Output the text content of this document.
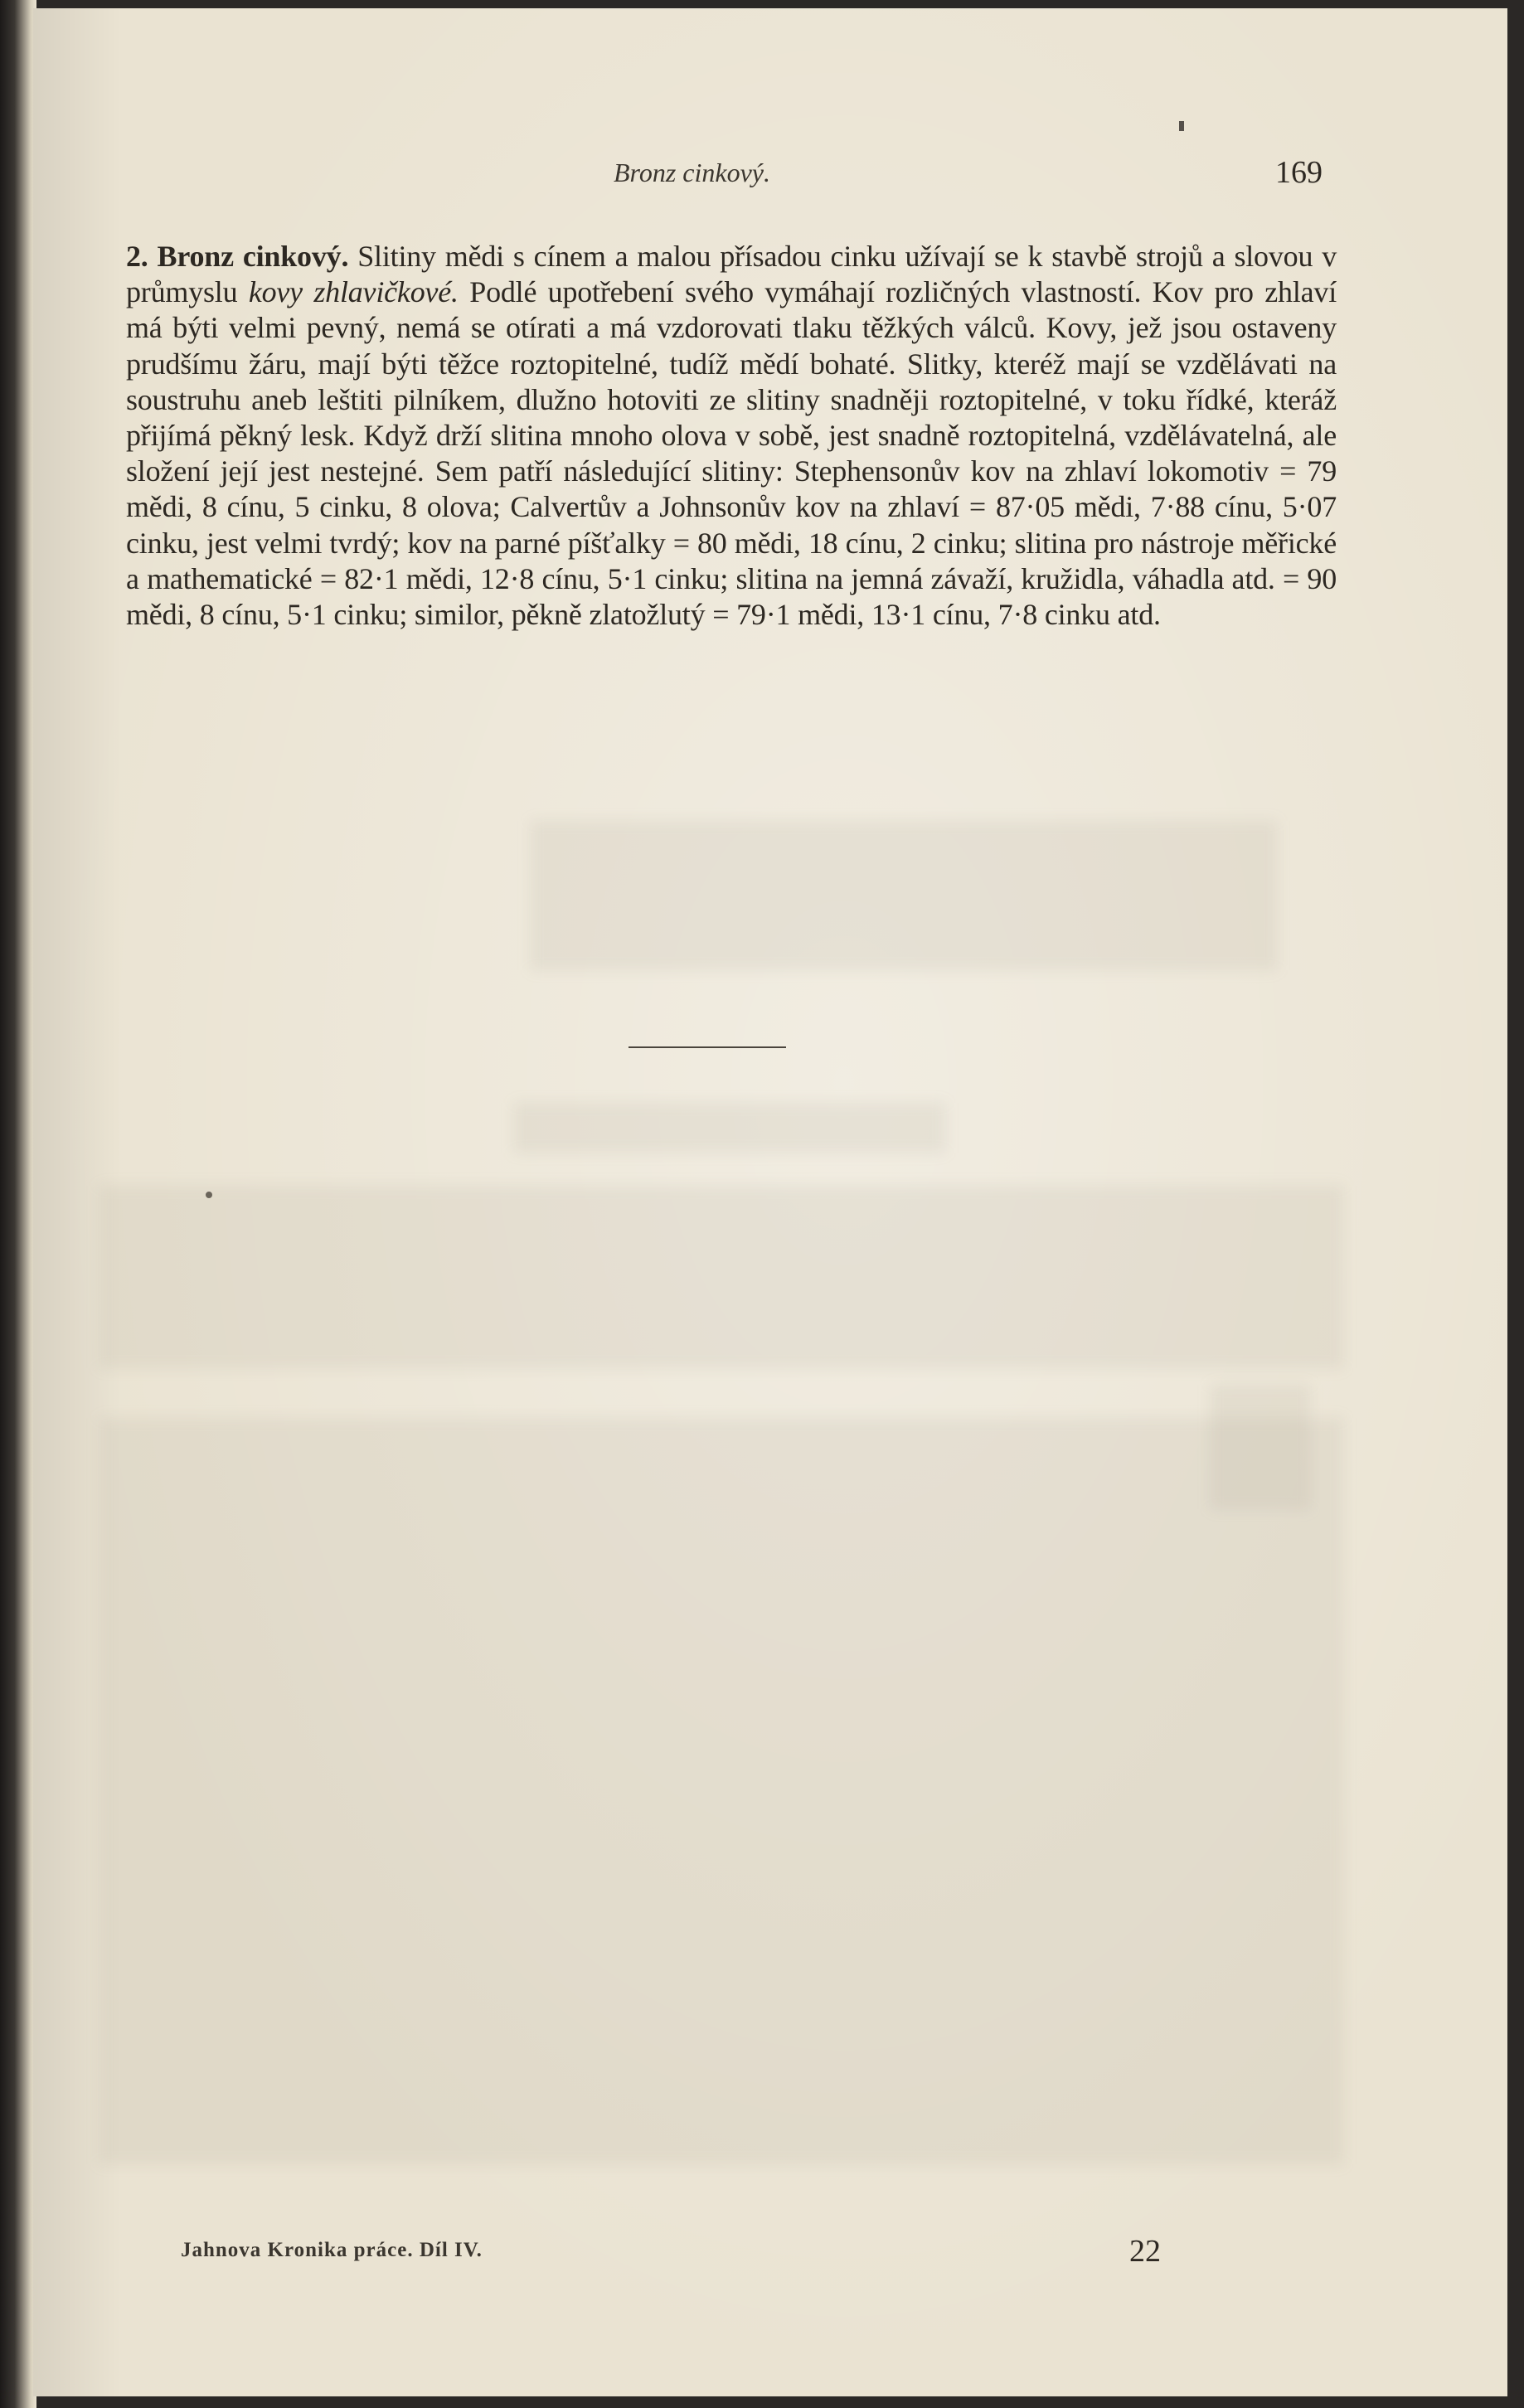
Bronz cinkový.	169
2. Bronz cinkový. Slitiny mědi s cínem a malou přísadou cinku užívají se k stavbě strojů a slovou v průmyslu kovy zhlavičkové. Podlé upotřebení svého vymáhají rozličných vlastností. Kov pro zhlaví má býti velmi pevný, nemá se otírati a má vzdorovati tlaku těžkých válců. Kovy, jež jsou ostaveny prudšímu žáru, mají býti těžce roztopitelné, tudíž mědí bohaté. Slitky, kteréž mají se vzdělávati na soustruhu aneb leštiti pilníkem, dlužno hotoviti ze slitiny snadněji roztopitelné, v toku řídké, kteráž přijímá pěkný lesk. Když drží slitina mnoho olova v sobě, jest snadně roztopitelná, vzdělávatelná, ale složení její jest nestejné. Sem patří následující slitiny: Stephensonův kov na zhlaví lokomotiv = 79 mědi, 8 cínu, 5 cinku, 8 olova; Calvertův a Johnsonův kov na zhlaví = 87·05 mědi, 7·88 cínu, 5·07 cinku, jest velmi tvrdý; kov na parné píšťalky = 80 mědi, 18 cínu, 2 cinku; slitina pro nástroje měřické a mathematické = 82·1 mědi, 12·8 cínu, 5·1 cinku; slitina na jemná závaží, kružidla, váhadla atd. = 90 mědi, 8 cínu, 5·1 cinku; similor, pěkně zlatožlutý = 79·1 mědi, 13·1 cínu, 7·8 cinku atd.
Jahnova Kronika práce. Díl IV.	22
